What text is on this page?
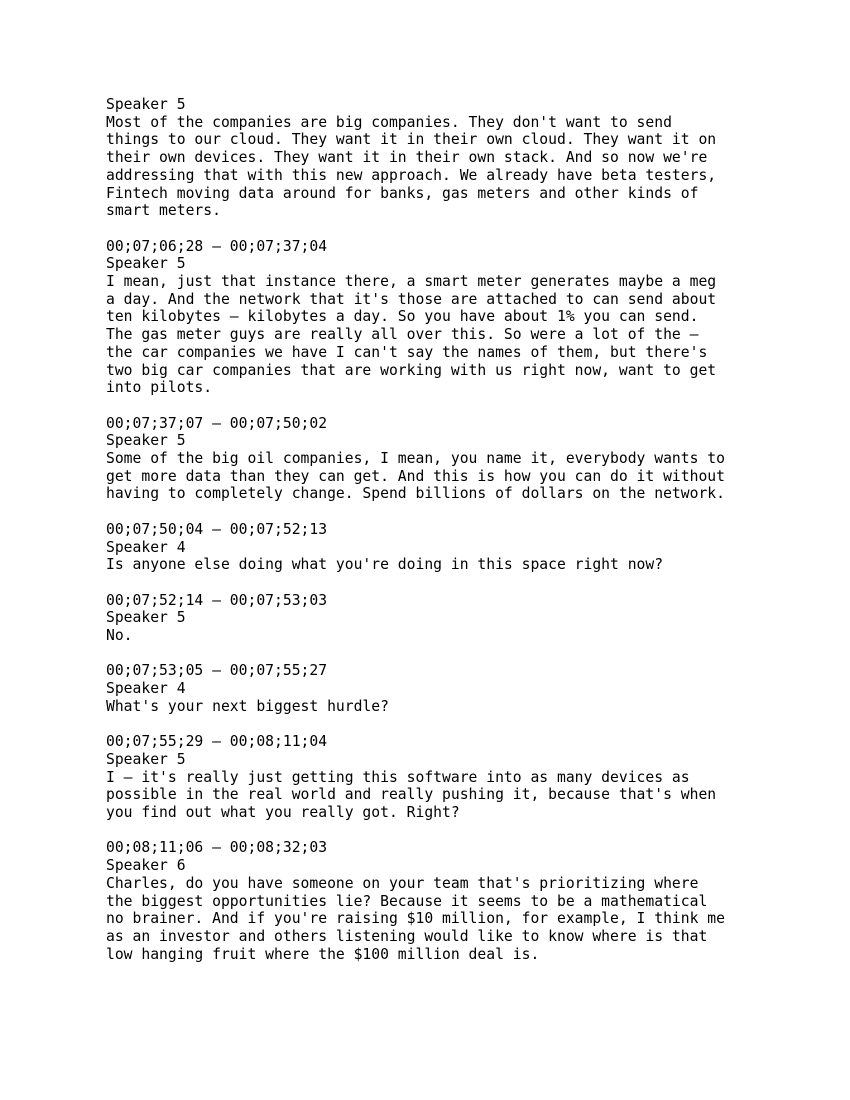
Speaker 5
Most of the companies are big companies. They don't want to send
things to our cloud. They want it in their own cloud. They want it on
their own devices. They want it in their own stack. And so now we're
addressing that with this new approach. We already have beta testers,
Fintech moving data around for banks, gas meters and other kinds of
smart meters.
00;07;06;28 – 00;07;37;04
Speaker 5
I mean, just that instance there, a smart meter generates maybe a meg
a day. And the network that it's those are attached to can send about
ten kilobytes – kilobytes a day. So you have about 1% you can send.
The gas meter guys are really all over this. So were a lot of the –
the car companies we have I can't say the names of them, but there's
two big car companies that are working with us right now, want to get
into pilots.
00;07;37;07 – 00;07;50;02
Speaker 5
Some of the big oil companies, I mean, you name it, everybody wants to
get more data than they can get. And this is how you can do it without
having to completely change. Spend billions of dollars on the network.
00;07;50;04 – 00;07;52;13
Speaker 4
Is anyone else doing what you're doing in this space right now?
00;07;52;14 – 00;07;53;03
Speaker 5
No.
00;07;53;05 – 00;07;55;27
Speaker 4
What's your next biggest hurdle?
00;07;55;29 – 00;08;11;04
Speaker 5
I – it's really just getting this software into as many devices as
possible in the real world and really pushing it, because that's when
you find out what you really got. Right?
00;08;11;06 – 00;08;32;03
Speaker 6
Charles, do you have someone on your team that's prioritizing where
the biggest opportunities lie? Because it seems to be a mathematical
no brainer. And if you're raising $10 million, for example, I think me
as an investor and others listening would like to know where is that
low hanging fruit where the $100 million deal is.
